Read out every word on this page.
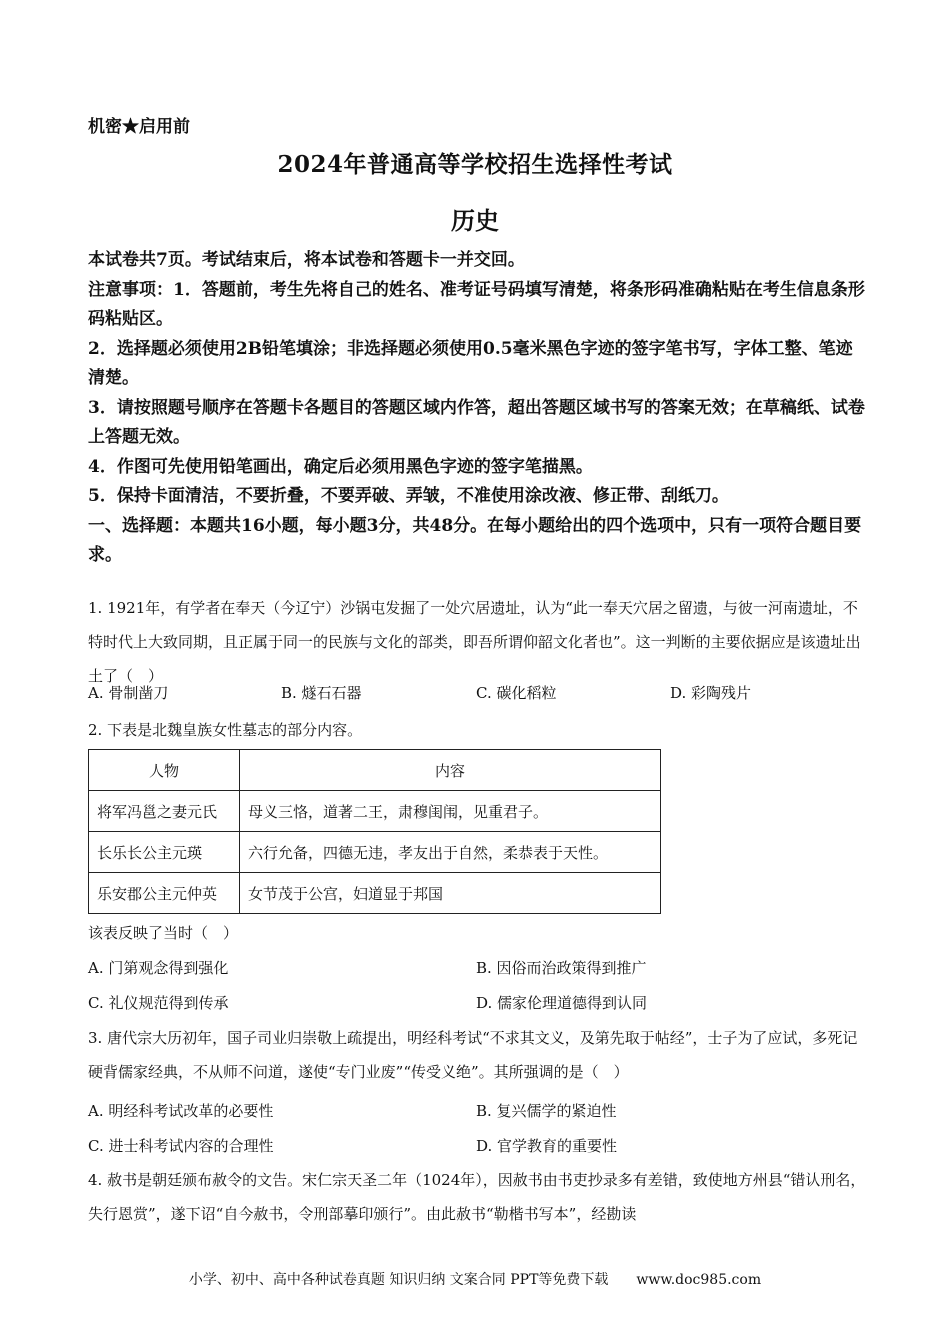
机密★启用前
2024年普通高等学校招生选择性考试
历史

本试卷共7页。考试结束后，将本试卷和答题卡一并交回。

注意事项：1．答题前，考生先将自己的姓名、准考证号码填写清楚，将条形码准确粘贴在考生信息条形码粘贴区。

2．选择题必须使用2B铅笔填涂；非选择题必须使用0.5毫米黑色字迹的签字笔书写，字体工整、笔迹清楚。

3．请按照题号顺序在答题卡各题目的答题区域内作答，超出答题区域书写的答案无效；在草稿纸、试卷上答题无效。

4．作图可先使用铅笔画出，确定后必须用黑色字迹的签字笔描黑。

5．保持卡面清洁，不要折叠，不要弄破、弄皱，不准使用涂改液、修正带、刮纸刀。

一、选择题：本题共16小题，每小题3分，共48分。在每小题给出的四个选项中，只有一项符合题目要求。

1. 1921年，有学者在奉天（今辽宁）沙锅屯发掘了一处穴居遗址，认为“此一奉天穴居之留遗，与彼一河南遗址，不特时代上大致同期，且正属于同一的民族与文化的部类，即吾所谓仰韶文化者也”。这一判断的主要依据应是该遗址出土了（　）

A. 骨制凿刀	B. 燧石石器	C. 碳化稻粒	D. 彩陶残片

2. 下表是北魏皇族女性墓志的部分内容。

人物	内容
将军冯邕之妻元氏	母义三恪，道著二王，肃穆闺闱，见重君子。
长乐长公主元瑛	六行允备，四德无违，孝友出于自然，柔恭表于天性。
乐安郡公主元仲英	女节茂于公宫，妇道显于邦国

该表反映了当时（　）

A. 门第观念得到强化	B. 因俗而治政策得到推广
C. 礼仪规范得到传承	D. 儒家伦理道德得到认同

3. 唐代宗大历初年，国子司业归崇敬上疏提出，明经科考试“不求其文义，及第先取于帖经”，士子为了应试，多死记硬背儒家经典，不从师不问道，遂使“专门业废”“传受义绝”。其所强调的是（　）

A. 明经科考试改革的必要性	B. 复兴儒学的紧迫性
C. 进士科考试内容的合理性	D. 官学教育的重要性

4. 赦书是朝廷颁布赦令的文告。宋仁宗天圣二年（1024年），因赦书由书吏抄录多有差错，致使地方州县“错认刑名，失行恩赏”，遂下诏“自今赦书，令刑部摹印颁行”。由此赦书“勒楷书写本”，经勘读

小学、初中、高中各种试卷真题 知识归纳 文案合同 PPT等免费下载　　www.doc985.com
